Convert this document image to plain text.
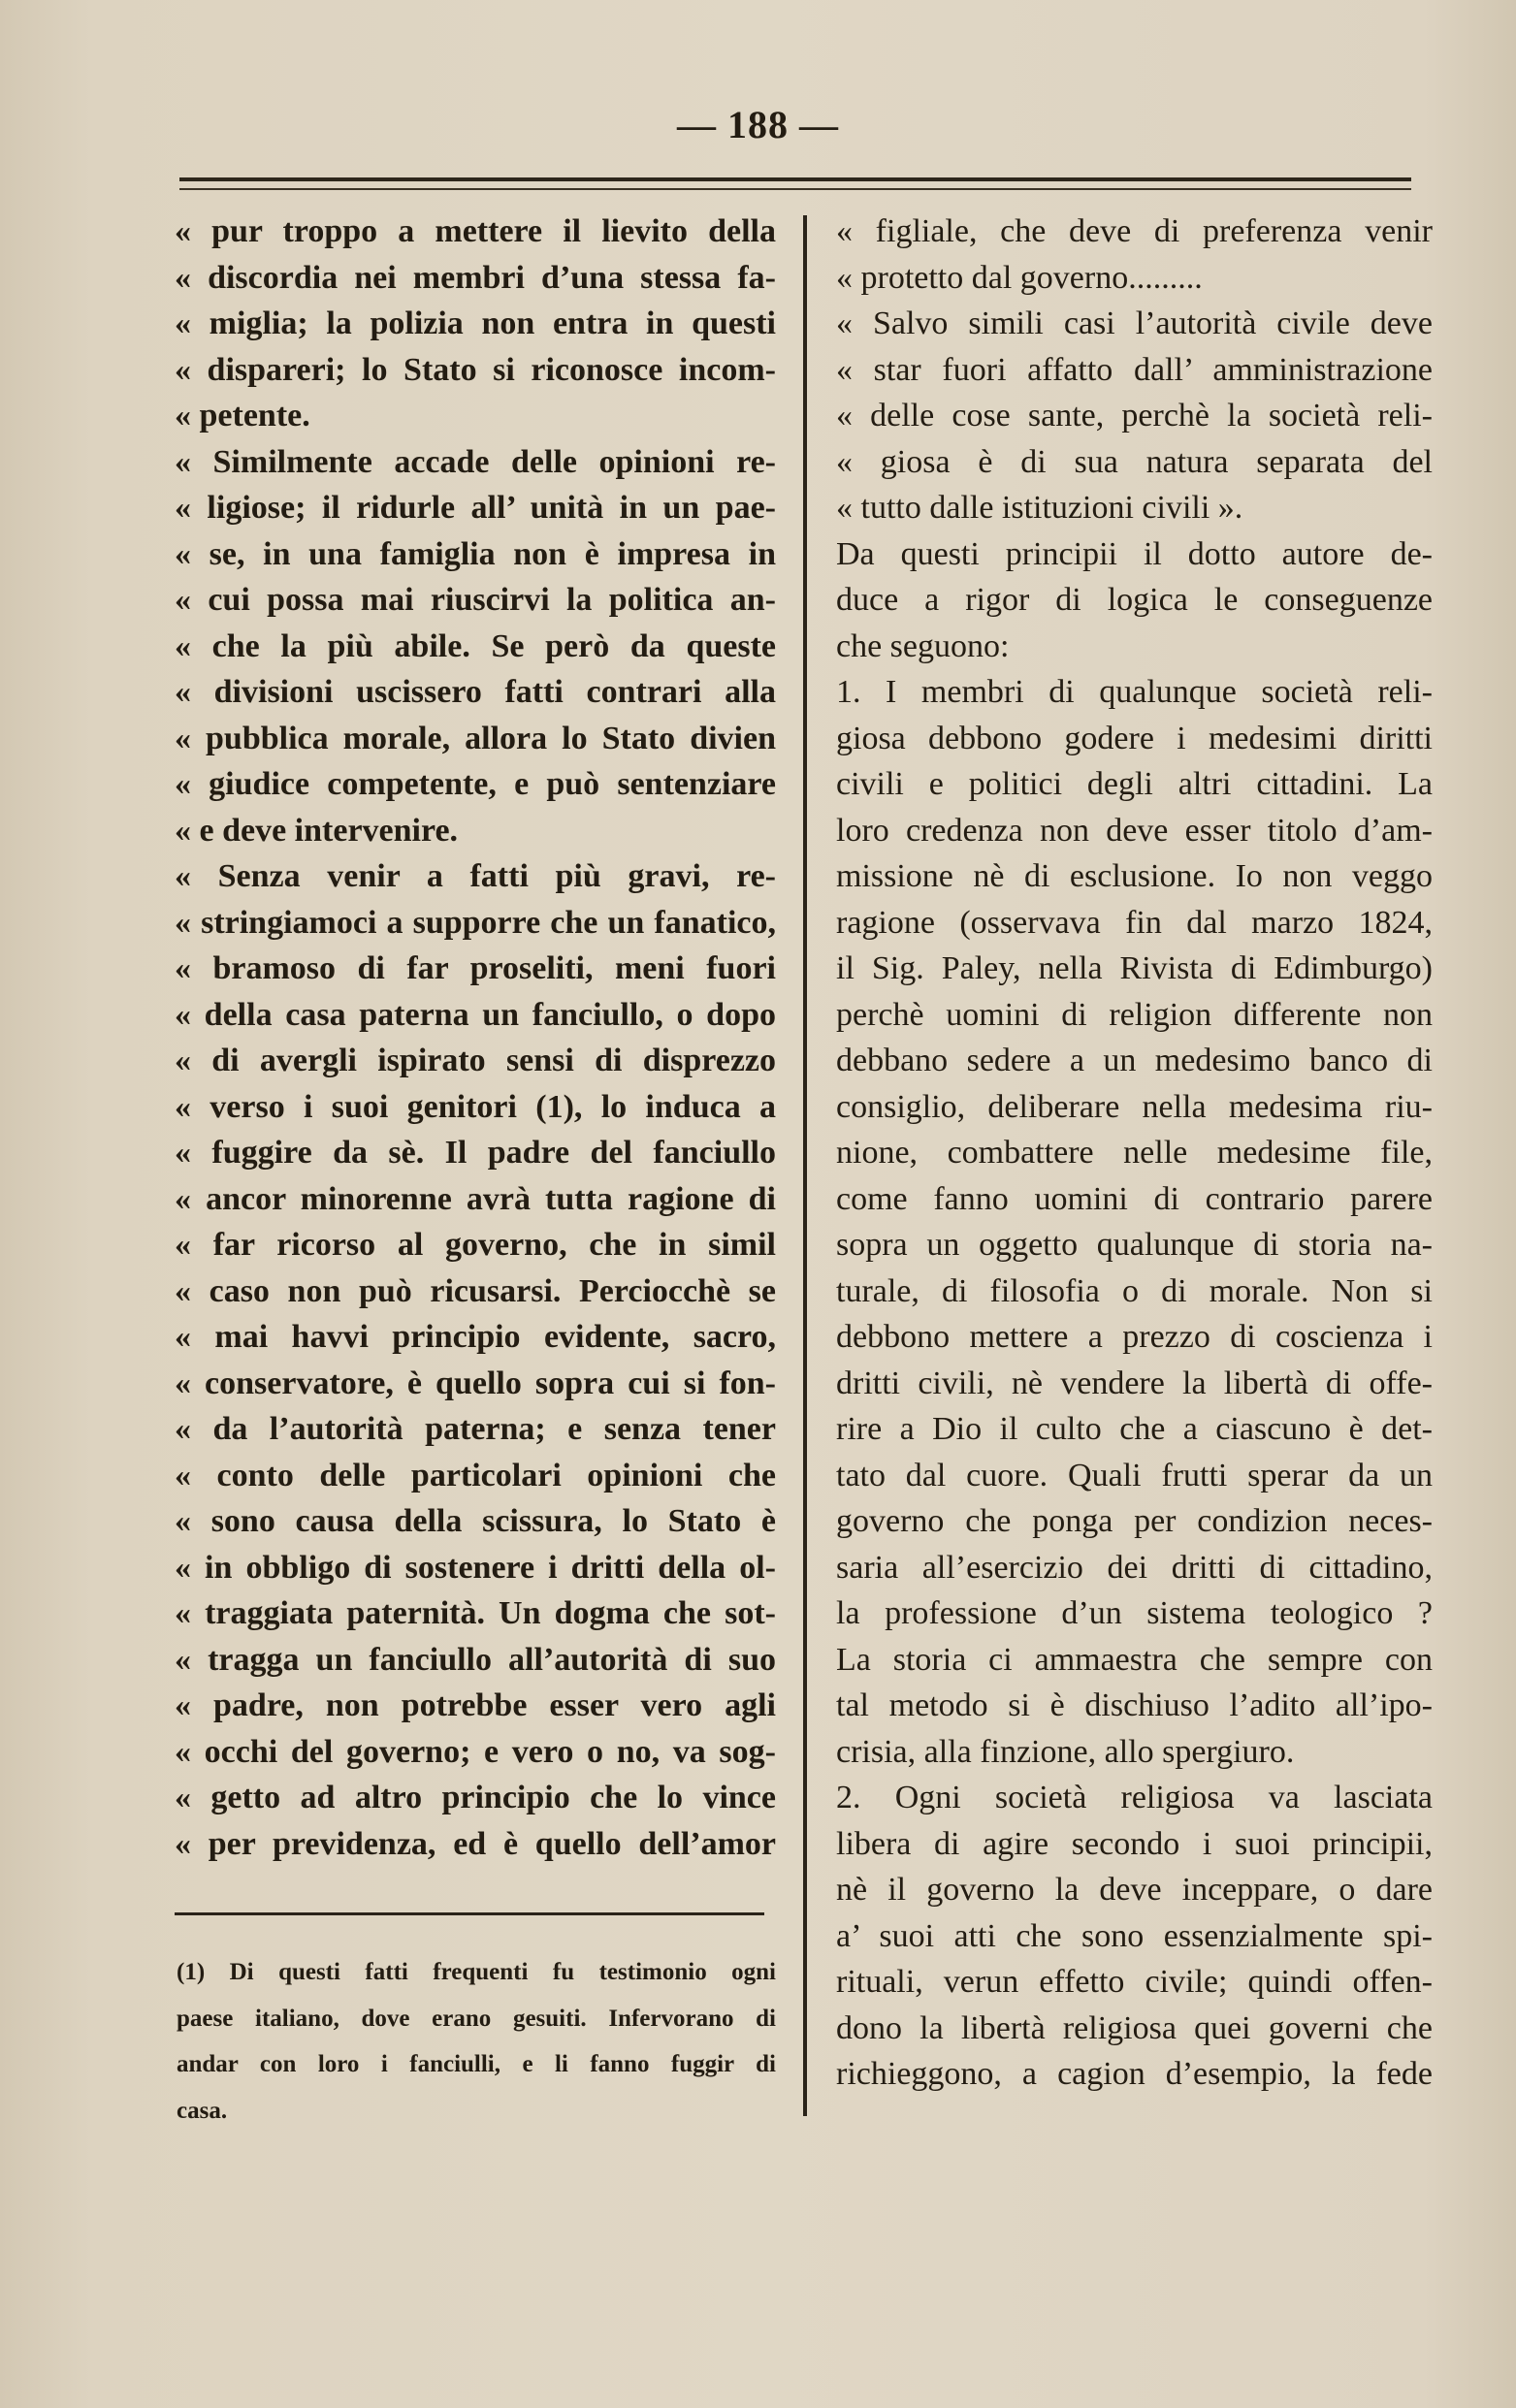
— 188 —
« pur troppo a mettere il lievito della
« discordia nei membri d’una stessa fa-
« miglia; la polizia non entra in questi
« dispareri; lo Stato si riconosce incom-
« petente.
« Similmente accade delle opinioni re-
« ligiose; il ridurle all’ unità in un pae-
« se, in una famiglia non è impresa in
« cui possa mai riuscirvi la politica an-
« che la più abile. Se però da queste
« divisioni uscissero fatti contrari alla
« pubblica morale, allora lo Stato divien
« giudice competente, e può sentenziare
« e deve intervenire.
« Senza venir a fatti più gravi, re-
« stringiamoci a supporre che un fanatico,
« bramoso di far proseliti, meni fuori
« della casa paterna un fanciullo, o dopo
« di avergli ispirato sensi di disprezzo
« verso i suoi genitori (1), lo induca a
« fuggire da sè. Il padre del fanciullo
« ancor minorenne avrà tutta ragione di
« far ricorso al governo, che in simil
« caso non può ricusarsi. Perciocchè se
« mai havvi principio evidente, sacro,
« conservatore, è quello sopra cui si fon-
« da l’autorità paterna; e senza tener
« conto delle particolari opinioni che
« sono causa della scissura, lo Stato è
« in obbligo di sostenere i dritti della ol-
« traggiata paternità. Un dogma che sot-
« tragga un fanciullo all’autorità di suo
« padre, non potrebbe esser vero agli
« occhi del governo; e vero o no, va sog-
« getto ad altro principio che lo vince
« per previdenza, ed è quello dell’amor
(1) Di questi fatti frequenti fu testimonio ogni
paese italiano, dove erano gesuiti. Infervorano di
andar con loro i fanciulli, e li fanno fuggir di
casa.
« figliale, che deve di preferenza venir
« protetto dal governo.........
« Salvo simili casi l’autorità civile deve
« star fuori affatto dall’ amministrazione
« delle cose sante, perchè la società reli-
« giosa è di sua natura separata del
« tutto dalle istituzioni civili ».
Da questi principii il dotto autore de-
duce a rigor di logica le conseguenze
che seguono:
1. I membri di qualunque società reli-
giosa debbono godere i medesimi diritti
civili e politici degli altri cittadini. La
loro credenza non deve esser titolo d’am-
missione nè di esclusione. Io non veggo
ragione (osservava fin dal marzo 1824,
il Sig. Paley, nella Rivista di Edimburgo)
perchè uomini di religion differente non
debbano sedere a un medesimo banco di
consiglio, deliberare nella medesima riu-
nione, combattere nelle medesime file,
come fanno uomini di contrario parere
sopra un oggetto qualunque di storia na-
turale, di filosofia o di morale. Non si
debbono mettere a prezzo di coscienza i
dritti civili, nè vendere la libertà di offe-
rire a Dio il culto che a ciascuno è det-
tato dal cuore. Quali frutti sperar da un
governo che ponga per condizion neces-
saria all’esercizio dei dritti di cittadino,
la professione d’un sistema teologico ?
La storia ci ammaestra che sempre con
tal metodo si è dischiuso l’adito all’ipo-
crisia, alla finzione, allo spergiuro.
2. Ogni società religiosa va lasciata
libera di agire secondo i suoi principii,
nè il governo la deve inceppare, o dare
a’ suoi atti che sono essenzialmente spi-
rituali, verun effetto civile; quindi offen-
dono la libertà religiosa quei governi che
richieggono, a cagion d’esempio, la fede
